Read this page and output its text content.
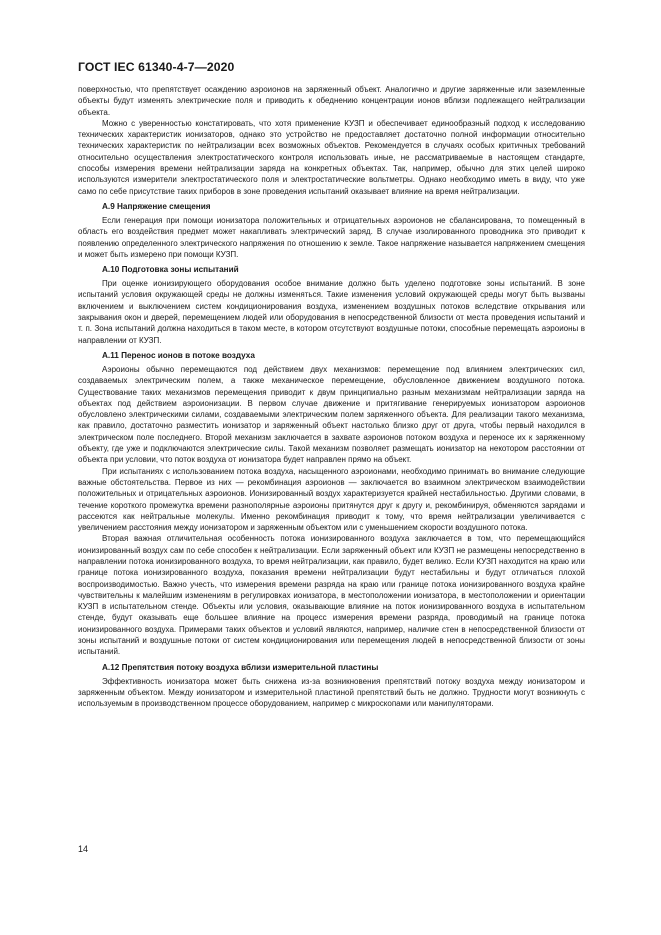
ГОСТ IEC 61340-4-7—2020

поверхностью, что препятствует осаждению аэроионов на заряженный объект. Аналогично и другие заряженные или заземленные объекты будут изменять электрические поля и приводить к обеднению концентрации ионов вблизи подлежащего нейтрализации объекта.

Можно с уверенностью констатировать, что хотя применение КУЗП и обеспечивает единообразный подход к исследованию технических характеристик ионизаторов, однако это устройство не предоставляет достаточно полной информации относительно технических характеристик по нейтрализации всех возможных объектов. Рекомендуется в случаях особых критичных требований относительно осуществления электростатического контроля использовать иные, не рассматриваемые в настоящем стандарте, способы измерения времени нейтрализации заряда на конкретных объектах. Так, например, обычно для этих целей широко используются измерители электростатического поля и электростатические вольтметры. Однако необходимо иметь в виду, что уже само по себе присутствие таких приборов в зоне проведения испытаний оказывает влияние на время нейтрализации.

А.9 Напряжение смещения

Если генерация при помощи ионизатора положительных и отрицательных аэроионов не сбалансирована, то помещенный в область его воздействия предмет может накапливать электрический заряд. В случае изолированного проводника это приводит к появлению определенного электрического напряжения по отношению к земле. Такое напряжение называется напряжением смещения и может быть измерено при помощи КУЗП.

А.10 Подготовка зоны испытаний

При оценке ионизирующего оборудования особое внимание должно быть уделено подготовке зоны испытаний. В зоне испытаний условия окружающей среды не должны изменяться. Такие изменения условий окружающей среды могут быть вызваны включением и выключением систем кондиционирования воздуха, изменением воздушных потоков вследствие открывания или закрывания окон и дверей, перемещением людей или оборудования в непосредственной близости от места проведения испытаний и т. п. Зона испытаний должна находиться в таком месте, в котором отсутствуют воздушные потоки, способные перемещать аэроионы в направлении от КУЗП.

А.11 Перенос ионов в потоке воздуха

Аэроионы обычно перемещаются под действием двух механизмов: перемещение под влиянием электрических сил, создаваемых электрическим полем, а также механическое перемещение, обусловленное движением воздушного потока. Существование таких механизмов перемещения приводит к двум принципиально разным механизмам нейтрализации заряда на объектах под действием аэроионизации. В первом случае движение и притягивание генерируемых ионизатором аэроионов обусловлено электрическими силами, создаваемыми электрическим полем заряженного объекта. Для реализации такого механизма, как правило, достаточно разместить ионизатор и заряженный объект настолько близко друг от друга, чтобы первый находился в электрическом поле последнего. Второй механизм заключается в захвате аэроионов потоком воздуха и переносе их к заряженному объекту, где уже и подключаются электрические силы. Такой механизм позволяет размещать ионизатор на некотором расстоянии от объекта при условии, что поток воздуха от ионизатора будет направлен прямо на объект.

При испытаниях с использованием потока воздуха, насыщенного аэроионами, необходимо принимать во внимание следующие важные обстоятельства. Первое из них — рекомбинация аэроионов — заключается во взаимном электрическом взаимодействии положительных и отрицательных аэроионов. Ионизированный воздух характеризуется крайней нестабильностью. Другими словами, в течение короткого промежутка времени разнополярные аэроионы притянутся друг к другу и, рекомбинируя, обменяются зарядами и рассеются как нейтральные молекулы. Именно рекомбинация приводит к тому, что время нейтрализации увеличивается с увеличением расстояния между ионизатором и заряженным объектом или с уменьшением скорости воздушного потока.

Вторая важная отличительная особенность потока ионизированного воздуха заключается в том, что перемещающийся ионизированный воздух сам по себе способен к нейтрализации. Если заряженный объект или КУЗП не размещены непосредственно в направлении потока ионизированного воздуха, то время нейтрализации, как правило, будет велико. Если КУЗП находится на краю или границе потока ионизированного воздуха, показания времени нейтрализации будут нестабильны и будут отличаться плохой воспроизводимостью. Важно учесть, что измерения времени разряда на краю или границе потока ионизированного воздуха крайне чувствительны к малейшим изменениям в регулировках ионизатора, в местоположении ионизатора, в местоположении и ориентации КУЗП в испытательном стенде. Объекты или условия, оказывающие влияние на поток ионизированного воздуха в испытательном стенде, будут оказывать еще большее влияние на процесс измерения времени разряда, проводимый на границе потока ионизированного воздуха. Примерами таких объектов и условий являются, например, наличие стен в непосредственной близости от зоны испытаний и воздушные потоки от систем кондиционирования или перемещения людей в непосредственной близости от зоны испытаний.

А.12 Препятствия потоку воздуха вблизи измерительной пластины

Эффективность ионизатора может быть снижена из-за возникновения препятствий потоку воздуха между ионизатором и заряженным объектом. Между ионизатором и измерительной пластиной препятствий быть не должно. Трудности могут возникнуть с используемым в производственном процессе оборудованием, например с микроскопами или манипуляторами.

14
